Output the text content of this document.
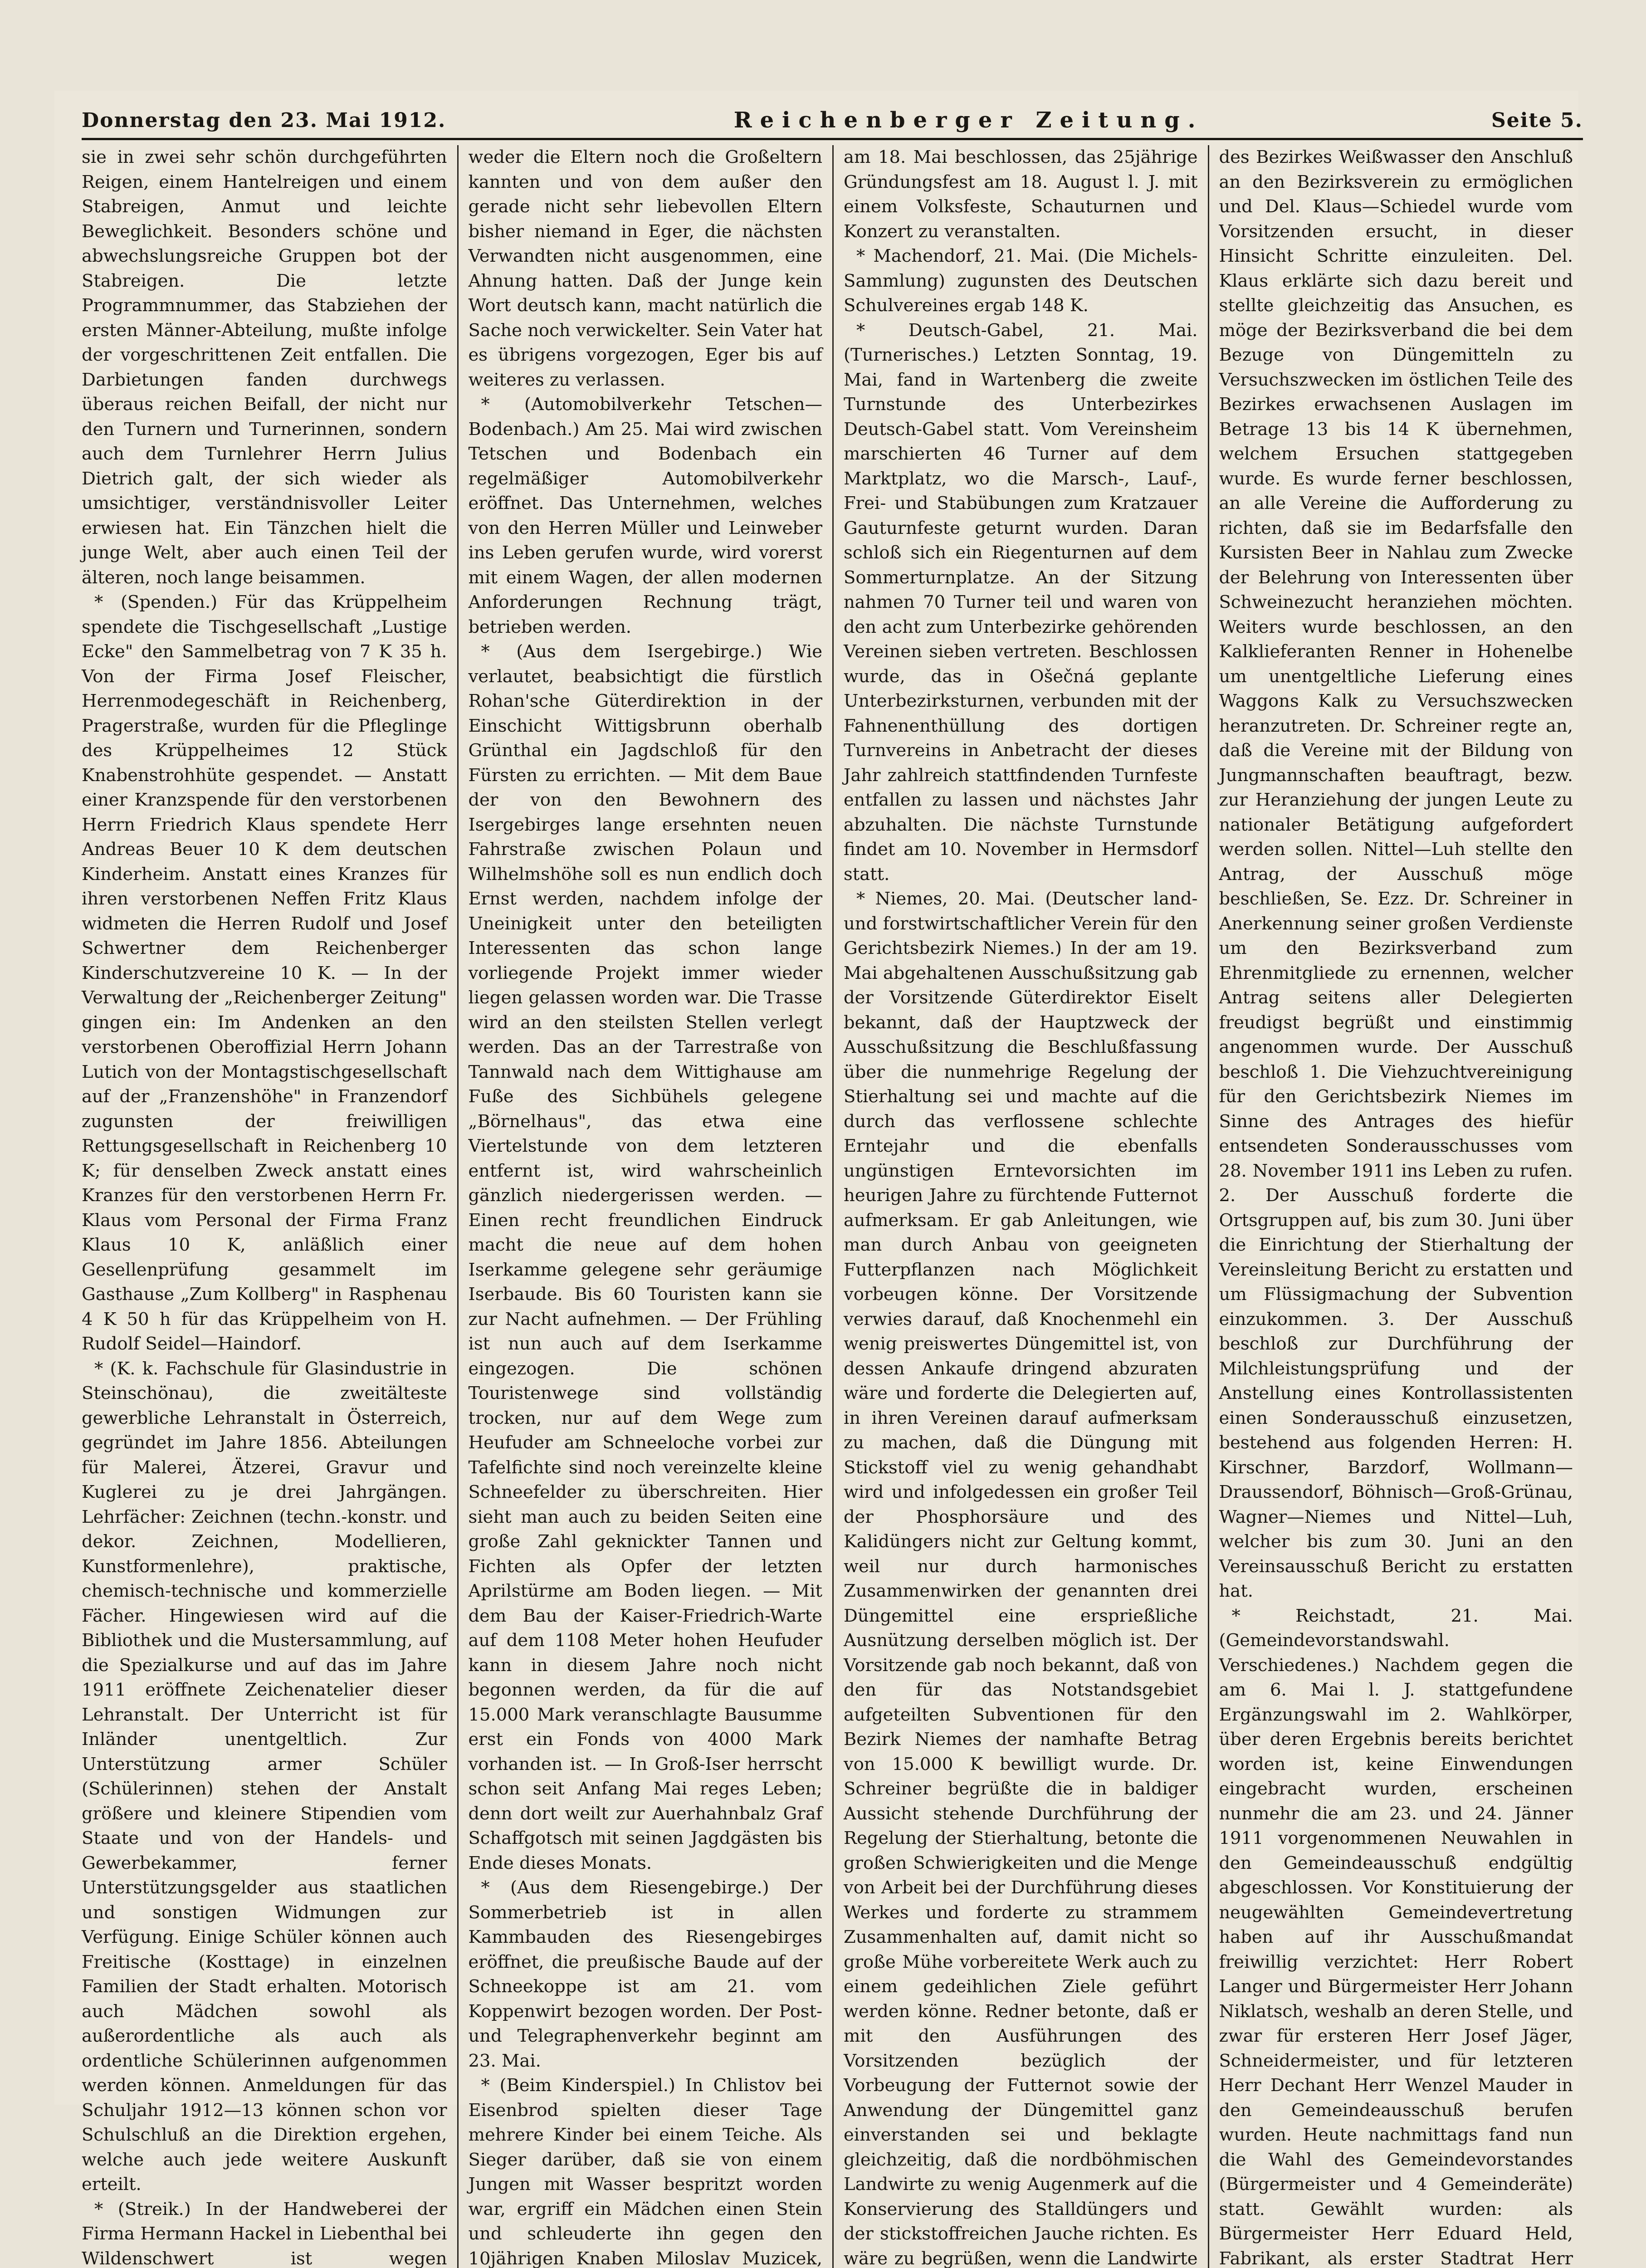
Donnerstag den 23. Mai 1912.	Reichenberger Zeitung.	Seite 5.

sie in zwei sehr schön durchgeführten Reigen, einem Hantelreigen und einem Stabreigen, Anmut und leichte Beweglichkeit. Besonders schöne und abwechslungsreiche Gruppen bot der Stabreigen. Die letzte Programmnummer, das Stabziehen der ersten Männer-Abteilung, mußte infolge der vorgeschrittenen Zeit entfallen. Die Darbietungen fanden durchwegs überaus reichen Beifall, der nicht nur den Turnern und Turnerinnen, sondern auch dem Turnlehrer Herrn Julius Dietrich galt, der sich wieder als umsichtiger, verständnisvoller Leiter erwiesen hat. Ein Tänzchen hielt die junge Welt, aber auch einen Teil der älteren, noch lange beisammen.

* (Spenden.) Für das Krüppelheim spendete die Tischgesellschaft „Lustige Ecke" den Sammelbetrag von 7 K 35 h. Von der Firma Josef Fleischer, Herrenmodegeschäft in Reichenberg, Pragerstraße, wurden für die Pfleglinge des Krüppelheimes 12 Stück Knabenstrohhüte gespendet. — Anstatt einer Kranzspende für den verstorbenen Herrn Friedrich Klaus spendete Herr Andreas Beuer 10 K dem deutschen Kinderheim. Anstatt eines Kranzes für ihren verstorbenen Neffen Fritz Klaus widmeten die Herren Rudolf und Josef Schwertner dem Reichenberger Kinderschutzvereine 10 K. — In der Verwaltung der „Reichenberger Zeitung" gingen ein: Im Andenken an den verstorbenen Oberoffizial Herrn Johann Lutich von der Montagstischgesellschaft auf der „Franzenshöhe" in Franzendorf zugunsten der freiwilligen Rettungsgesellschaft in Reichenberg 10 K; für denselben Zweck anstatt eines Kranzes für den verstorbenen Herrn Fr. Klaus vom Personal der Firma Franz Klaus 10 K, anläßlich einer Gesellenprüfung gesammelt im Gasthause „Zum Kollberg" in Rasphenau 4 K 50 h für das Krüppelheim von H. Rudolf Seidel—Haindorf.

* (K. k. Fachschule für Glasindustrie in Steinschönau), die zweitälteste gewerbliche Lehranstalt in Österreich, gegründet im Jahre 1856. Abteilungen für Malerei, Ätzerei, Gravur und Kuglerei zu je drei Jahrgängen. Lehrfächer: Zeichnen (techn.-konstr. und dekor. Zeichnen, Modellieren, Kunstformenlehre), praktische, chemisch-technische und kommerzielle Fächer. Hingewiesen wird auf die Bibliothek und die Mustersammlung, auf die Spezialkurse und auf das im Jahre 1911 eröffnete Zeichenatelier dieser Lehranstalt. Der Unterricht ist für Inländer unentgeltlich. Zur Unterstützung armer Schüler (Schülerinnen) stehen der Anstalt größere und kleinere Stipendien vom Staate und von der Handels- und Gewerbekammer, ferner Unterstützungsgelder aus staatlichen und sonstigen Widmungen zur Verfügung. Einige Schüler können auch Freitische (Kosttage) in einzelnen Familien der Stadt erhalten. Motorisch auch Mädchen sowohl als außerordentliche als auch als ordentliche Schülerinnen aufgenommen werden können. Anmeldungen für das Schuljahr 1912—13 können schon vor Schulschluß an die Direktion ergehen, welche auch jede weitere Auskunft erteilt.

* (Streik.) In der Handweberei der Firma Hermann Hackel in Liebenthal bei Wildenschwert ist wegen

weder die Eltern noch die Großeltern kannten und von dem außer den gerade nicht sehr liebevollen Eltern bisher niemand in Eger, die nächsten Verwandten nicht ausgenommen, eine Ahnung hatten. Daß der Junge kein Wort deutsch kann, macht natürlich die Sache noch verwickelter. Sein Vater hat es übrigens vorgezogen, Eger bis auf weiteres zu verlassen.

* (Automobilverkehr Tetschen—Bodenbach.) Am 25. Mai wird zwischen Tetschen und Bodenbach ein regelmäßiger Automobilverkehr eröffnet. Das Unternehmen, welches von den Herren Müller und Leinweber ins Leben gerufen wurde, wird vorerst mit einem Wagen, der allen modernen Anforderungen Rechnung trägt, betrieben werden.

* (Aus dem Isergebirge.) Wie verlautet, beabsichtigt die fürstlich Rohan'sche Güterdirektion in der Einschicht Wittigsbrunn oberhalb Grünthal ein Jagdschloß für den Fürsten zu errichten. — Mit dem Baue der von den Bewohnern des Isergebirges lange ersehnten neuen Fahrstraße zwischen Polaun und Wilhelmshöhe soll es nun endlich doch Ernst werden, nachdem infolge der Uneinigkeit unter den beteiligten Interessenten das schon lange vorliegende Projekt immer wieder liegen gelassen worden war. Die Trasse wird an den steilsten Stellen verlegt werden. Das an der Tarrestraße von Tannwald nach dem Wittighause am Fuße des Sichbühels gelegene „Börnelhaus", das etwa eine Viertelstunde von dem letzteren entfernt ist, wird wahrscheinlich gänzlich niedergerissen werden. — Einen recht freundlichen Eindruck macht die neue auf dem hohen Iserkamme gelegene sehr geräumige Iserbaude. Bis 60 Touristen kann sie zur Nacht aufnehmen. — Der Frühling ist nun auch auf dem Iserkamme eingezogen. Die schönen Touristenwege sind vollständig trocken, nur auf dem Wege zum Heufuder am Schneeloche vorbei zur Tafelfichte sind noch vereinzelte kleine Schneefelder zu überschreiten. Hier sieht man auch zu beiden Seiten eine große Zahl geknickter Tannen und Fichten als Opfer der letzten Aprilstürme am Boden liegen. — Mit dem Bau der Kaiser-Friedrich-Warte auf dem 1108 Meter hohen Heufuder kann in diesem Jahre noch nicht begonnen werden, da für die auf 15.000 Mark veranschlagte Bausumme erst ein Fonds von 4000 Mark vorhanden ist. — In Groß-Iser herrscht schon seit Anfang Mai reges Leben; denn dort weilt zur Auerhahnbalz Graf Schaffgotsch mit seinen Jagdgästen bis Ende dieses Monats.

* (Aus dem Riesengebirge.) Der Sommerbetrieb ist in allen Kammbauden des Riesengebirges eröffnet, die preußische Baude auf der Schneekoppe ist am 21. vom Koppenwirt bezogen worden. Der Post- und Telegraphenverkehr beginnt am 23. Mai.

* (Beim Kinderspiel.) In Chlistov bei Eisenbrod spielten dieser Tage mehrere Kinder bei einem Teiche. Als Sieger darüber, daß sie von einem Jungen mit Wasser bespritzt worden war, ergriff ein Mädchen einen Stein und schleuderte ihn gegen den 10jährigen Knaben Miloslav Muzicek,

am 18. Mai beschlossen, das 25jährige Gründungsfest am 18. August l. J. mit einem Volksfeste, Schauturnen und Konzert zu veranstalten.

* Machendorf, 21. Mai. (Die Michels-Sammlung) zugunsten des Deutschen Schulvereines ergab 148 K.

* Deutsch-Gabel, 21. Mai. (Turnerisches.) Letzten Sonntag, 19. Mai, fand in Wartenberg die zweite Turnstunde des Unterbezirkes Deutsch-Gabel statt. Vom Vereinsheim marschierten 46 Turner auf dem Marktplatz, wo die Marsch-, Lauf-, Frei- und Stabübungen zum Kratzauer Gauturnfeste geturnt wurden. Daran schloß sich ein Riegenturnen auf dem Sommerturnplatze. An der Sitzung nahmen 70 Turner teil und waren von den acht zum Unterbezirke gehörenden Vereinen sieben vertreten. Beschlossen wurde, das in Ošečná geplante Unterbezirksturnen, verbunden mit der Fahnenenthüllung des dortigen Turnvereins in Anbetracht der dieses Jahr zahlreich stattfindenden Turnfeste entfallen zu lassen und nächstes Jahr abzuhalten. Die nächste Turnstunde findet am 10. November in Hermsdorf statt.

* Niemes, 20. Mai. (Deutscher land- und forstwirtschaftlicher Verein für den Gerichtsbezirk Niemes.) In der am 19. Mai abgehaltenen Ausschußsitzung gab der Vorsitzende Güterdirektor Eiselt bekannt, daß der Hauptzweck der Ausschußsitzung die Beschlußfassung über die nunmehrige Regelung der Stierhaltung sei und machte auf die durch das verflossene schlechte Erntejahr und die ebenfalls ungünstigen Erntevorsichten im heurigen Jahre zu fürchtende Futternot aufmerksam. Er gab Anleitungen, wie man durch Anbau von geeigneten Futterpflanzen nach Möglichkeit vorbeugen könne. Der Vorsitzende verwies darauf, daß Knochenmehl ein wenig preiswertes Düngemittel ist, von dessen Ankaufe dringend abzuraten wäre und forderte die Delegierten auf, in ihren Vereinen darauf aufmerksam zu machen, daß die Düngung mit Stickstoff viel zu wenig gehandhabt wird und infolgedessen ein großer Teil der Phosphorsäure und des Kalidüngers nicht zur Geltung kommt, weil nur durch harmonisches Zusammenwirken der genannten drei Düngemittel eine ersprießliche Ausnützung derselben möglich ist. Der Vorsitzende gab noch bekannt, daß von den für das Notstandsgebiet aufgeteilten Subventionen für den Bezirk Niemes der namhafte Betrag von 15.000 K bewilligt wurde. Dr. Schreiner begrüßte die in baldiger Aussicht stehende Durchführung der Regelung der Stierhaltung, betonte die großen Schwierigkeiten und die Menge von Arbeit bei der Durchführung dieses Werkes und forderte zu strammem Zusammenhalten auf, damit nicht so große Mühe vorbereitete Werk auch zu einem gedeihlichen Ziele geführt werden könne. Redner betonte, daß er mit den Ausführungen des Vorsitzenden bezüglich der Vorbeugung der Futternot sowie der Anwendung der Düngemittel ganz einverstanden sei und beklagte gleichzeitig, daß die nordböhmischen Landwirte zu wenig Augenmerk auf die Konservierung des Stalldüngers und der stickstoffreichen Jauche richten. Es wäre zu begrüßen, wenn die Landwirte

des Bezirkes Weißwasser den Anschluß an den Bezirksverein zu ermöglichen und Del. Klaus—Schiedel wurde vom Vorsitzenden ersucht, in dieser Hinsicht Schritte einzuleiten. Del. Klaus erklärte sich dazu bereit und stellte gleichzeitig das Ansuchen, es möge der Bezirksverband die bei dem Bezuge von Düngemitteln zu Versuchszwecken im östlichen Teile des Bezirkes erwachsenen Auslagen im Betrage 13 bis 14 K übernehmen, welchem Ersuchen stattgegeben wurde. Es wurde ferner beschlossen, an alle Vereine die Aufforderung zu richten, daß sie im Bedarfsfalle den Kursisten Beer in Nahlau zum Zwecke der Belehrung von Interessenten über Schweinezucht heranziehen möchten. Weiters wurde beschlossen, an den Kalklieferanten Renner in Hohenelbe um unentgeltliche Lieferung eines Waggons Kalk zu Versuchszwecken heranzutreten. Dr. Schreiner regte an, daß die Vereine mit der Bildung von Jungmannschaften beauftragt, bezw. zur Heranziehung der jungen Leute zu nationaler Betätigung aufgefordert werden sollen. Nittel—Luh stellte den Antrag, der Ausschuß möge beschließen, Se. Ezz. Dr. Schreiner in Anerkennung seiner großen Verdienste um den Bezirksverband zum Ehrenmitgliede zu ernennen, welcher Antrag seitens aller Delegierten freudigst begrüßt und einstimmig angenommen wurde. Der Ausschuß beschloß 1. Die Viehzuchtvereinigung für den Gerichtsbezirk Niemes im Sinne des Antrages des hiefür entsendeten Sonderausschusses vom 28. November 1911 ins Leben zu rufen. 2. Der Ausschuß forderte die Ortsgruppen auf, bis zum 30. Juni über die Einrichtung der Stierhaltung der Vereinsleitung Bericht zu erstatten und um Flüssigmachung der Subvention einzukommen. 3. Der Ausschuß beschloß zur Durchführung der Milchleistungsprüfung und der Anstellung eines Kontrollassistenten einen Sonderausschuß einzusetzen, bestehend aus folgenden Herren: H. Kirschner, Barzdorf, Wollmann—Draussendorf, Böhnisch—Groß-Grünau, Wagner—Niemes und Nittel—Luh, welcher bis zum 30. Juni an den Vereinsausschuß Bericht zu erstatten hat.

* Reichstadt, 21. Mai. (Gemeindevorstandswahl. Verschiedenes.) Nachdem gegen die am 6. Mai l. J. stattgefundene Ergänzungswahl im 2. Wahlkörper, über deren Ergebnis bereits berichtet worden ist, keine Einwendungen eingebracht wurden, erscheinen nunmehr die am 23. und 24. Jänner 1911 vorgenommenen Neuwahlen in den Gemeindeausschuß endgültig abgeschlossen. Vor Konstituierung der neugewählten Gemeindevertretung haben auf ihr Ausschußmandat freiwillig verzichtet: Herr Robert Langer und Bürgermeister Herr Johann Niklatsch, weshalb an deren Stelle, und zwar für ersteren Herr Josef Jäger, Schneidermeister, und für letzteren Herr Dechant Herr Wenzel Mauder in den Gemeindeausschuß berufen wurden. Heute nachmittags fand nun die Wahl des Gemeindevorstandes (Bürgermeister und 4 Gemeinderäte) statt. Gewählt wurden: als Bürgermeister Herr Eduard Held, Fabrikant, als erster Stadtrat Herr
